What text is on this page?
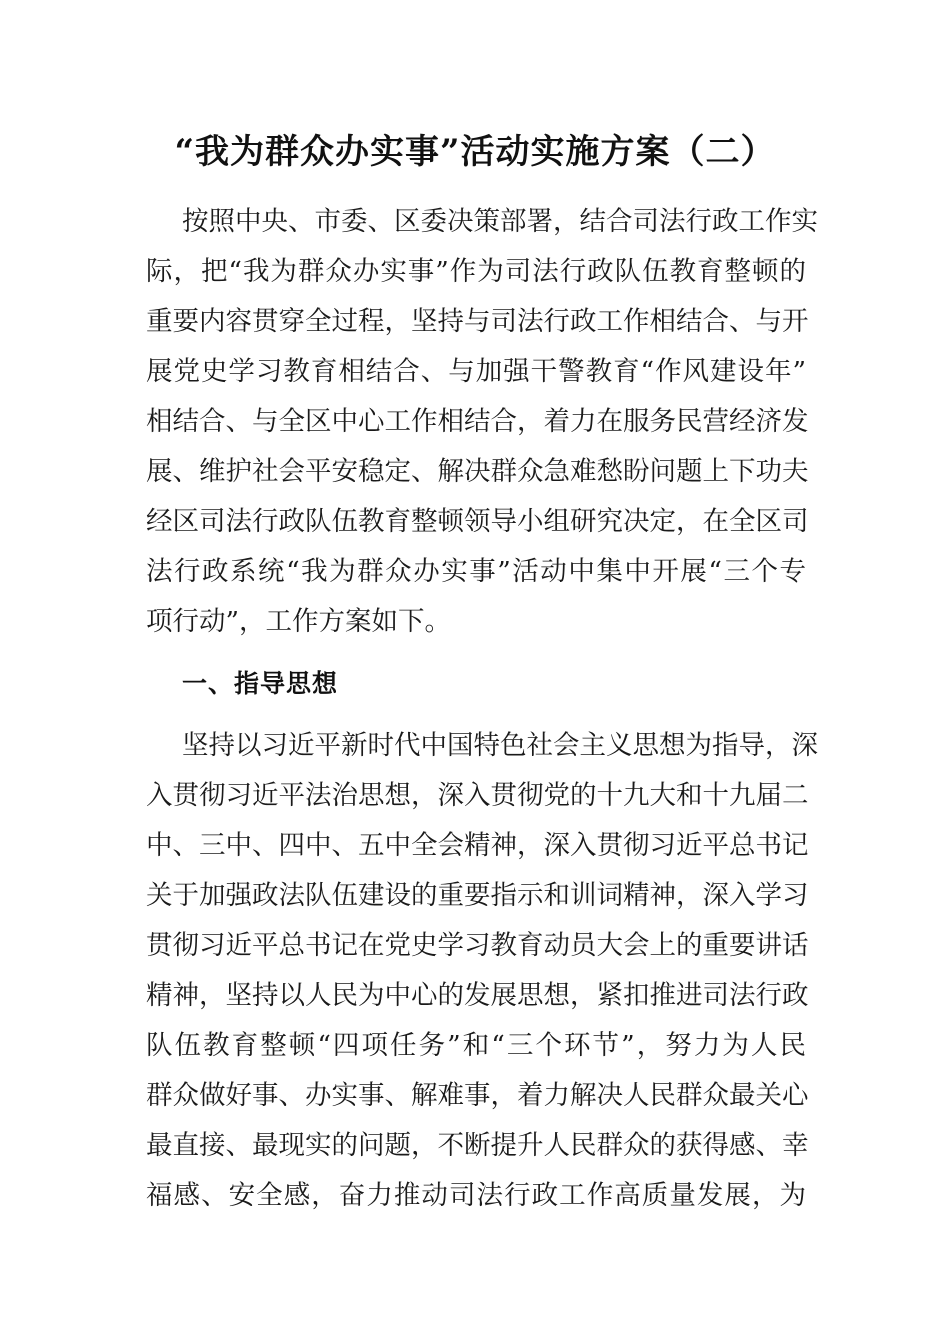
“我为群众办实事”活动实施方案（二）
按照中央、市委、区委决策部署，结合司法行政工作实
际，把“我为群众办实事”作为司法行政队伍教育整顿的
重要内容贯穿全过程，坚持与司法行政工作相结合、与开
展党史学习教育相结合、与加强干警教育“作风建设年”
相结合、与全区中心工作相结合，着力在服务民营经济发
展、维护社会平安稳定、解决群众急难愁盼问题上下功夫
经区司法行政队伍教育整顿领导小组研究决定，在全区司
法行政系统“我为群众办实事”活动中集中开展“三个专
项行动”，工作方案如下。
一、指导思想
坚持以习近平新时代中国特色社会主义思想为指导，深
入贯彻习近平法治思想，深入贯彻党的十九大和十九届二
中、三中、四中、五中全会精神，深入贯彻习近平总书记
关于加强政法队伍建设的重要指示和训词精神，深入学习
贯彻习近平总书记在党史学习教育动员大会上的重要讲话
精神，坚持以人民为中心的发展思想，紧扣推进司法行政
队伍教育整顿“四项任务”和“三个环节”，努力为人民
群众做好事、办实事、解难事，着力解决人民群众最关心
最直接、最现实的问题，不断提升人民群众的获得感、幸
福感、安全感，奋力推动司法行政工作高质量发展，为
